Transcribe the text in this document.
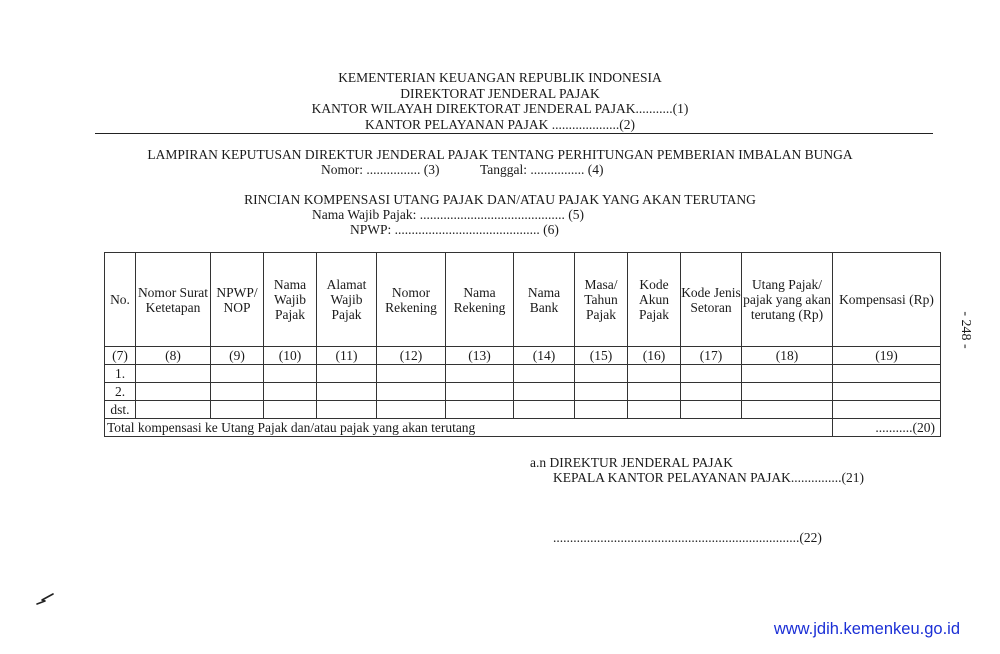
KEMENTERIAN KEUANGAN REPUBLIK INDONESIA
DIREKTORAT JENDERAL PAJAK
KANTOR WILAYAH DIREKTORAT JENDERAL PAJAK...........(1)
KANTOR PELAYANAN PAJAK ....................(2)
LAMPIRAN KEPUTUSAN DIREKTUR JENDERAL PAJAK TENTANG PERHITUNGAN PEMBERIAN IMBALAN BUNGA
Nomor: ................ (3)	Tanggal: ................ (4)
RINCIAN KOMPENSASI UTANG PAJAK DAN/ATAU PAJAK YANG AKAN TERUTANG
Nama Wajib Pajak: ........................................... (5)
NPWP: ........................................... (6)
No.	Nomor Surat Ketetapan	NPWP/ NOP	Nama Wajib Pajak	Alamat Wajib Pajak	Nomor Rekening	Nama Rekening	Nama Bank	Masa/ Tahun Pajak	Kode Akun Pajak	Kode Jenis Setoran	Utang Pajak/ pajak yang akan terutang (Rp)	Kompensasi (Rp)
(7)	(8)	(9)	(10)	(11)	(12)	(13)	(14)	(15)	(16)	(17)	(18)	(19)
1.												
2.												
dst.												
Total kompensasi ke Utang Pajak dan/atau pajak yang akan terutang												...........(20)
- 248 -
a.n DIREKTUR JENDERAL PAJAK
KEPALA KANTOR PELAYANAN PAJAK...............(21)
.........................................................................(22)
www.jdih.kemenkeu.go.id
